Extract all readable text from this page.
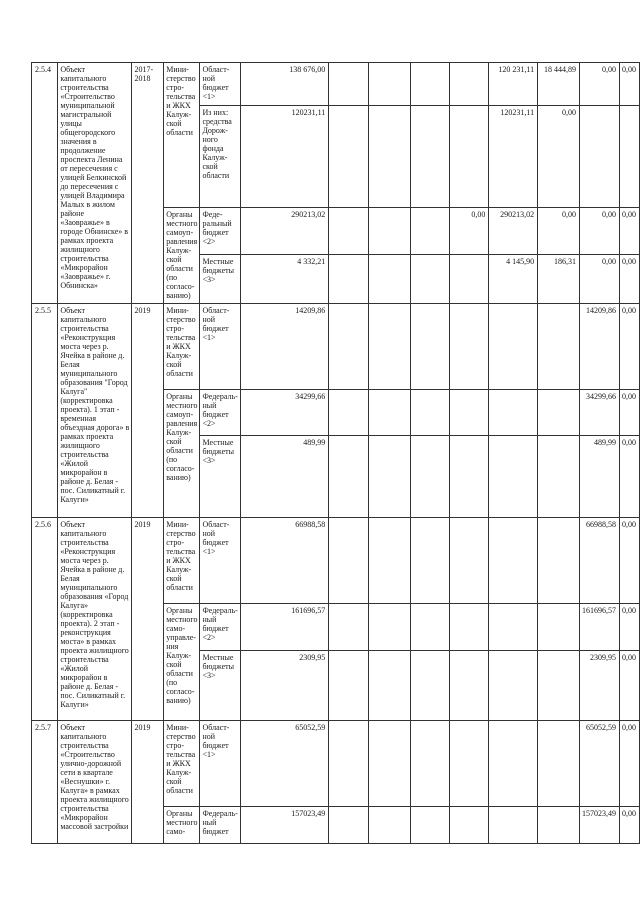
2.5.4	Объект капитального строительства «Строительство муниципальной магистральной улицы общегородского значения в продолжение проспекта Ленина от пересечения с улицей Белкинской до пересечения с улицей Владимира Малых в жилом районе «Заовражье» в городе Обнинске» в рамках проекта жилищного строительства «Микрорайон «Заовражье» г. Обнинска»	2017-2018	Мини-стерство стро-тельства и ЖКХ Калуж-ской области	Област-ной бюджет <1>	138 676,00					120 231,11	18 444,89	0,00	0,00
				Из них: средства Дорож-ного фонда Калуж-ской области	120231,11					120231,11	0,00		
			Органы местного самоуп-равления Калуж-ской области (по согласо-ванию)	Феде-ральный бюджет <2>	290213,02				0,00	290213,02	0,00	0,00	0,00
				Местные бюджеты <3>	4 332,21					4 145,90	186,31	0,00	0,00
2.5.5	Объект капитального строительства «Реконструкция моста через р. Ячейка в районе д. Белая муниципального образования "Город Калуга" (корректировка проекта). 1 этап - временная объездная дорога» в рамках проекта жилищного строительства «Жилой микрорайон в районе д. Белая - пос. Силикатный г. Калуги»	2019	Мини-стерство стро-тельства и ЖКХ Калуж-ской области	Област-ной бюджет <1>	14209,86							14209,86	0,00
			Органы местного самоуп-равления Калуж-ской области (по согласо-ванию)	Федераль-ный бюджет <2>	34299,66							34299,66	0,00
				Местные бюджеты <3>	489,99							489,99	0,00
2.5.6	Объект капитального строительства «Реконструкция моста через р. Ячейка в районе д. Белая муниципального образования «Город Калуга» (корректировка проекта). 2 этап - реконструкция моста» в рамках проекта жилищного строительства «Жилой микрорайон в районе д. Белая - пос. Силикатный г. Калуги»	2019	Мини-стерство стро-тельства и ЖКХ Калуж-ской области	Област-ной бюджет <1>	66988,58							66988,58	0,00
			Органы местного само-управле-ния Калуж-ской области (по согласо-ванию)	Федераль-ный бюджет <2>	161696,57							161696,57	0,00
				Местные бюджеты <3>	2309,95							2309,95	0,00
2.5.7	Объект капитального строительства «Строительство улично-дорожной сети в квартале «Веснушки» г. Калуга» в рамках проекта жилищного строительства «Микрорайон массовой застройки	2019	Мини-стерство стро-тельства и ЖКХ Калуж-ской области	Област-ной бюджет <1>	65052,59							65052,59	0,00
			Органы местного само-	Федераль-ный бюджет	157023,49							157023,49	0,00
